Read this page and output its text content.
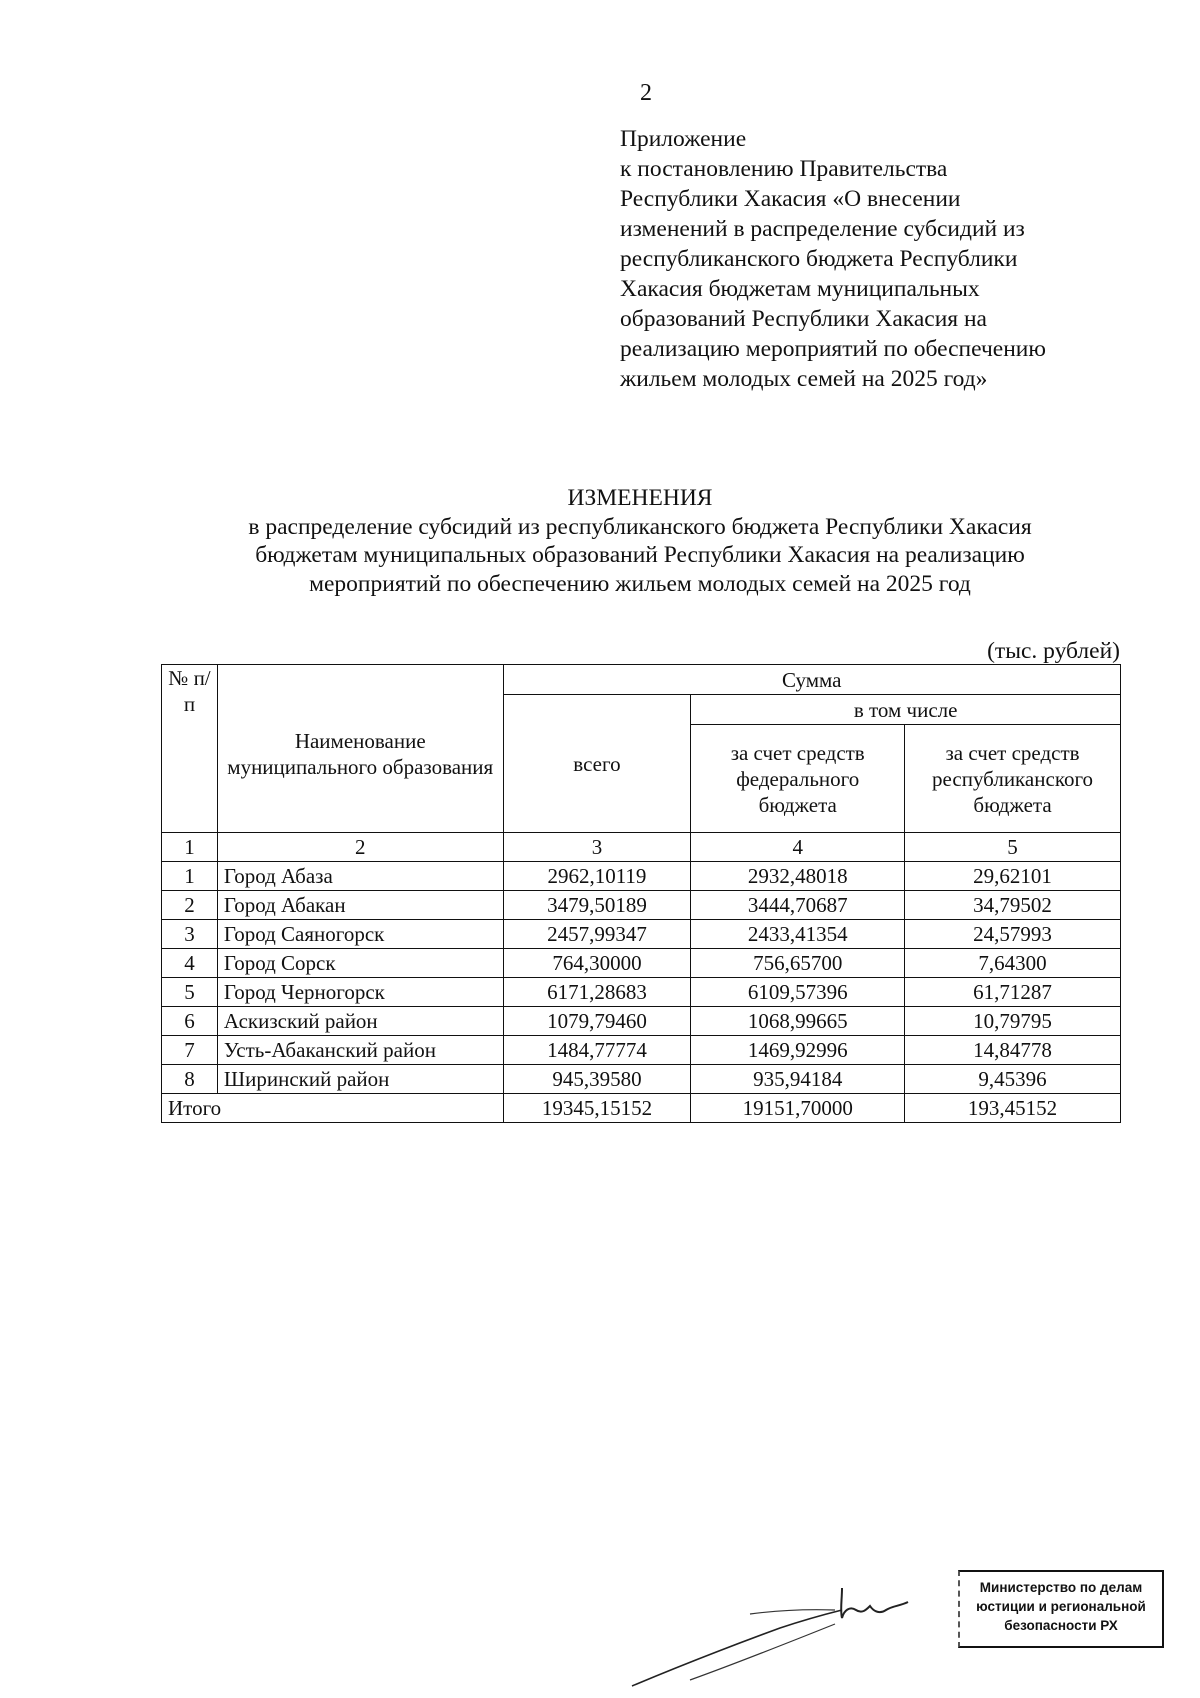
2
Приложение
к постановлению Правительства
Республики Хакасия «О внесении
изменений в распределение субсидий из
республиканского бюджета Республики
Хакасия бюджетам муниципальных
образований Республики Хакасия на
реализацию мероприятий по обеспечению
жильем молодых семей на 2025 год»
ИЗМЕНЕНИЯ
в распределение субсидий из республиканского бюджета Республики Хакасия
бюджетам муниципальных образований Республики Хакасия на реализацию
мероприятий по обеспечению жильем молодых семей на 2025 год
(тыс. рублей)
№ п/п	Наименование муниципального образования	Сумма		
		всего	в том числе	
			за счет средств федерального бюджета	за счет средств республиканского бюджета
1	2	3	4	5
1	Город Абаза	2962,10119	2932,48018	29,62101
2	Город Абакан	3479,50189	3444,70687	34,79502
3	Город Саяногорск	2457,99347	2433,41354	24,57993
4	Город Сорск	764,30000	756,65700	7,64300
5	Город Черногорск	6171,28683	6109,57396	61,71287
6	Аскизский район	1079,79460	1068,99665	10,79795
7	Усть-Абаканский район	1484,77774	1469,92996	14,84778
8	Ширинский район	945,39580	935,94184	9,45396
Итого		19345,15152	19151,70000	193,45152
Министерство по делам
юстиции и региональной
безопасности РХ
